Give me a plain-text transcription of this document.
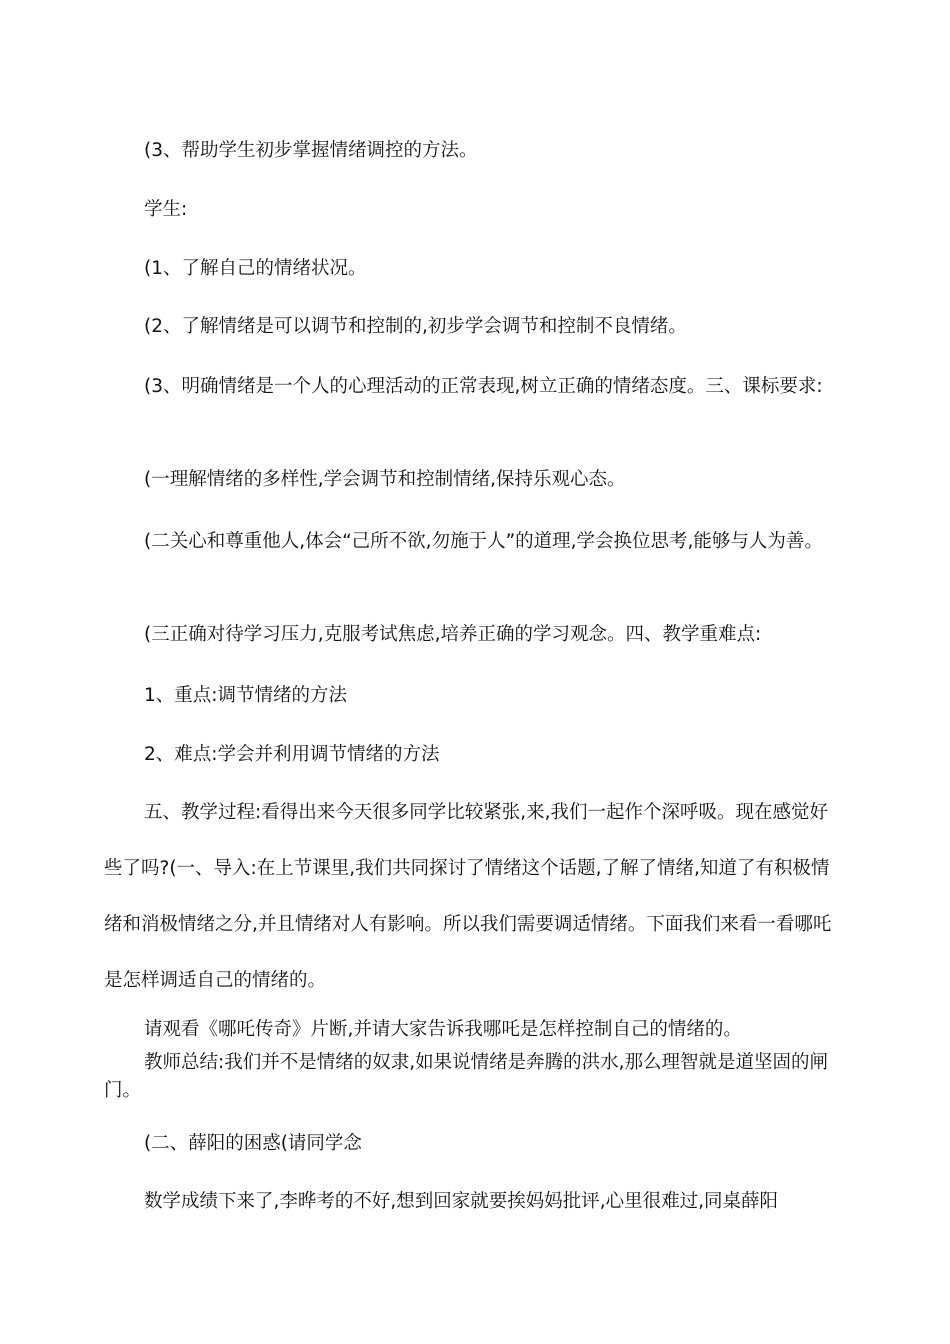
(3、帮助学生初步掌握情绪调控的方法。

学生:

(1、了解自己的情绪状况。

(2、了解情绪是可以调节和控制的,初步学会调节和控制不良情绪。

(3、明确情绪是一个人的心理活动的正常表现,树立正确的情绪态度。三、课标要求:

(一理解情绪的多样性,学会调节和控制情绪,保持乐观心态。

(二关心和尊重他人,体会“己所不欲,勿施于人”的道理,学会换位思考,能够与人为善。

(三正确对待学习压力,克服考试焦虑,培养正确的学习观念。四、教学重难点:

1、重点:调节情绪的方法

2、难点:学会并利用调节情绪的方法

五、教学过程:看得出来今天很多同学比较紧张,来,我们一起作个深呼吸。现在感觉好些了吗?(一、导入:在上节课里,我们共同探讨了情绪这个话题,了解了情绪,知道了有积极情绪和消极情绪之分,并且情绪对人有影响。所以我们需要调适情绪。下面我们来看一看哪吒是怎样调适自己的情绪的。

请观看《哪吒传奇》片断,并请大家告诉我哪吒是怎样控制自己的情绪的。

教师总结:我们并不是情绪的奴隶,如果说情绪是奔腾的洪水,那么理智就是道坚固的闸门。

(二、薛阳的困惑(请同学念

数学成绩下来了,李晔考的不好,想到回家就要挨妈妈批评,心里很难过,同桌薛阳
